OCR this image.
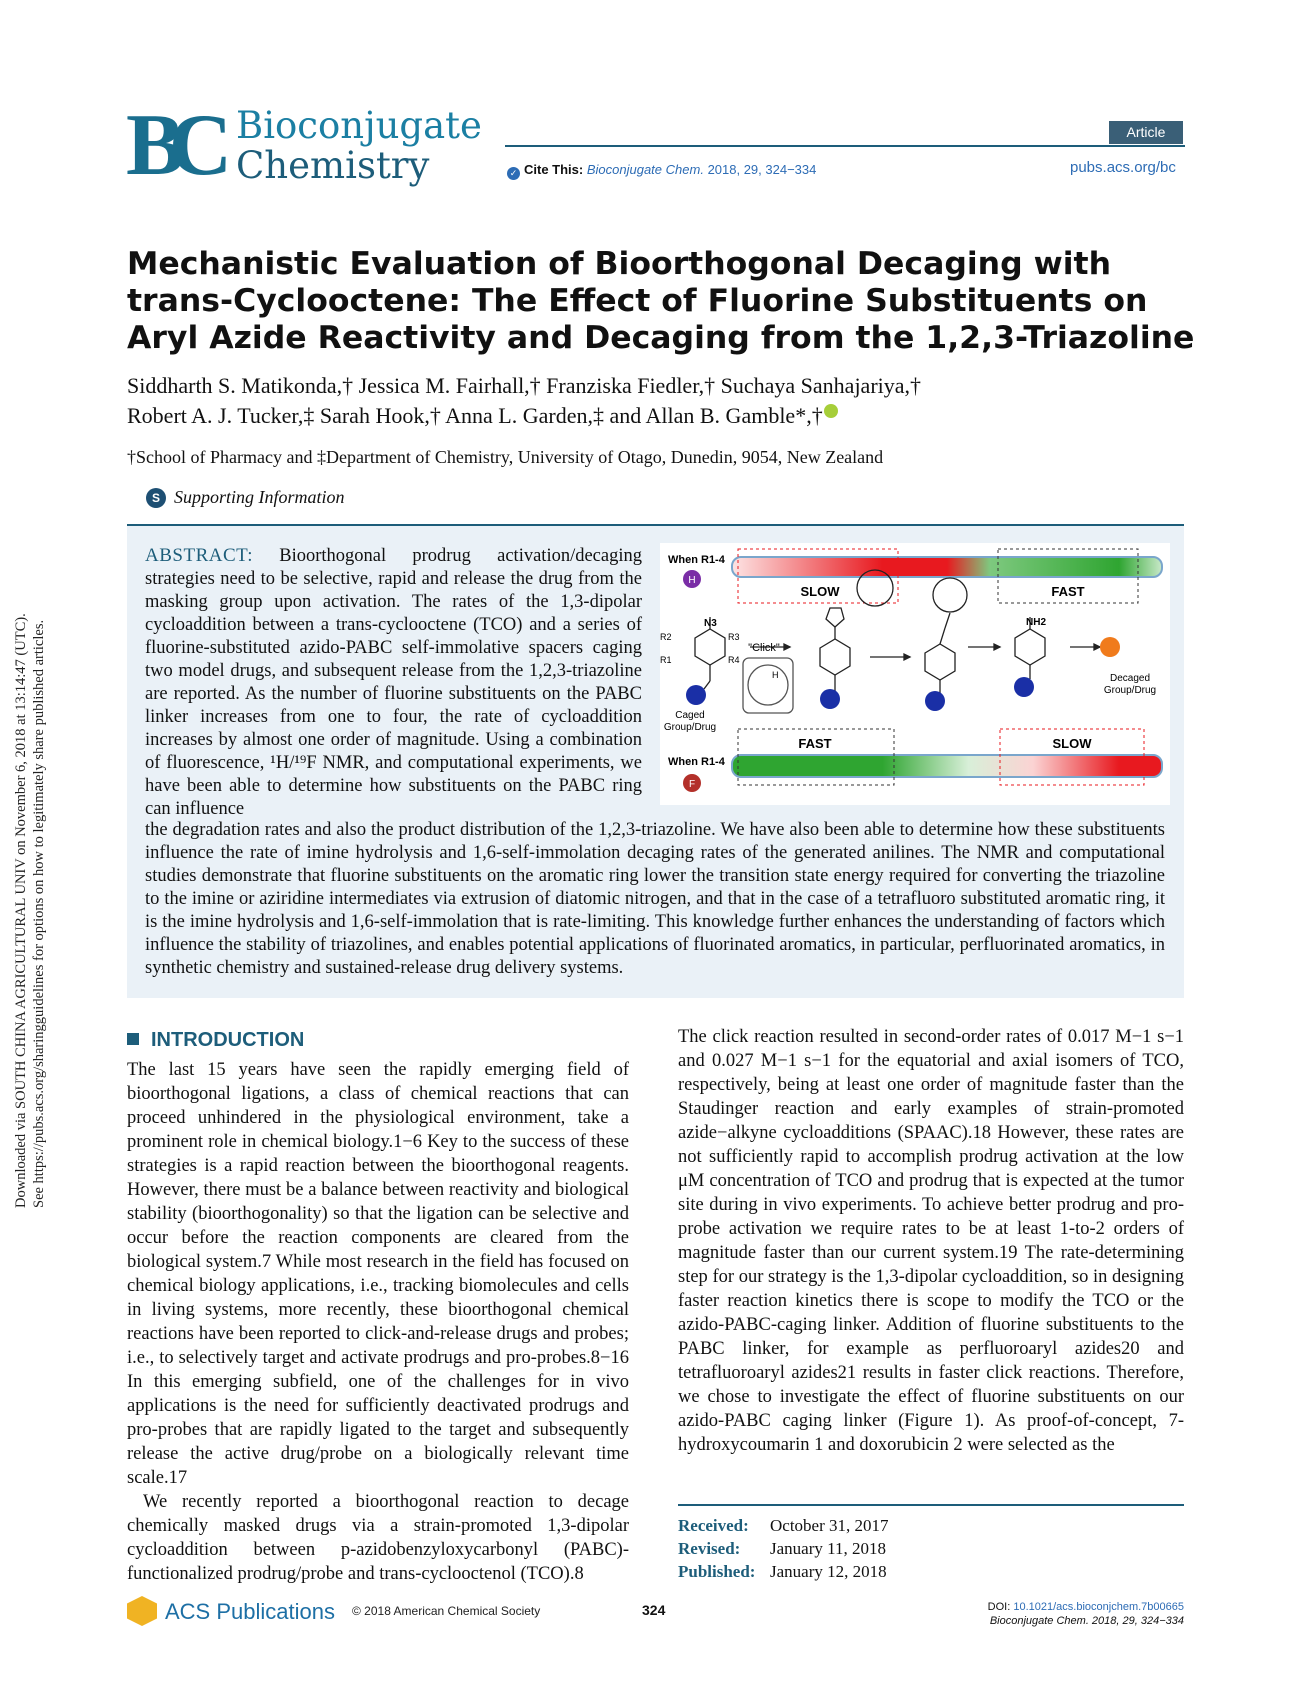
Downloaded via SOUTH CHINA AGRICULTURAL UNIV on November 6, 2018 at 13:14:47 (UTC). See https://pubs.acs.org/sharingguidelines for options on how to legitimately share published articles.
BC Bioconjugate
Chemistry
Article
✓ Cite This: Bioconjugate Chem. 2018, 29, 324−334	pubs.acs.org/bc
Mechanistic Evaluation of Bioorthogonal Decaging with trans-Cyclooctene: The Effect of Fluorine Substituents on Aryl Azide Reactivity and Decaging from the 1,2,3-Triazoline
Siddharth S. Matikonda,† Jessica M. Fairhall,† Franziska Fiedler,† Suchaya Sanhajariya,†
Robert A. J. Tucker,‡ Sarah Hook,† Anna L. Garden,‡ and Allan B. Gamble*,†
†School of Pharmacy and ‡Department of Chemistry, University of Otago, Dunedin, 9054, New Zealand
S Supporting Information
ABSTRACT: Bioorthogonal prodrug activation/decaging strategies need to be selective, rapid and release the drug from the masking group upon activation. The rates of the 1,3-dipolar cycloaddition between a trans-cyclooctene (TCO) and a series of fluorine-substituted azido-PABC self-immolative spacers caging two model drugs, and subsequent release from the 1,2,3-triazoline are reported. As the number of fluorine substituents on the PABC linker increases from one to four, the rate of cycloaddition increases by almost one order of magnitude. Using a combination of fluorescence, ¹H/¹⁹F NMR, and computational experiments, we have been able to determine how substituents on the PABC ring can influence
the degradation rates and also the product distribution of the 1,2,3-triazoline. We have also been able to determine how these substituents influence the rate of imine hydrolysis and 1,6-self-immolation decaging rates of the generated anilines. The NMR and computational studies demonstrate that fluorine substituents on the aromatic ring lower the transition state energy required for converting the triazoline to the imine or aziridine intermediates via extrusion of diatomic nitrogen, and that in the case of a tetrafluoro substituted aromatic ring, it is the imine hydrolysis and 1,6-self-immolation that is rate-limiting. This knowledge further enhances the understanding of factors which influence the stability of triazolines, and enables potential applications of fluorinated aromatics, in particular, perfluorinated aromatics, in synthetic chemistry and sustained-release drug delivery systems.
When R1-4
H
SLOW	FAST
N3	NH2
R2	R3
R1	R4
"Click"
H
Caged Group/Drug
Decaged Group/Drug
FAST	SLOW
When R1-4
F
INTRODUCTION

The last 15 years have seen the rapidly emerging field of bioorthogonal ligations, a class of chemical reactions that can proceed unhindered in the physiological environment, take a prominent role in chemical biology.1−6 Key to the success of these strategies is a rapid reaction between the bioorthogonal reagents. However, there must be a balance between reactivity and biological stability (bioorthogonality) so that the ligation can be selective and occur before the reaction components are cleared from the biological system.7 While most research in the field has focused on chemical biology applications, i.e., tracking biomolecules and cells in living systems, more recently, these bioorthogonal chemical reactions have been reported to click-and-release drugs and probes; i.e., to selectively target and activate prodrugs and pro-probes.8−16 In this emerging subfield, one of the challenges for in vivo applications is the need for sufficiently deactivated prodrugs and pro-probes that are rapidly ligated to the target and subsequently release the active drug/probe on a biologically relevant time scale.17

We recently reported a bioorthogonal reaction to decage chemically masked drugs via a strain-promoted 1,3-dipolar cycloaddition between p-azidobenzyloxycarbonyl (PABC)-functionalized prodrug/probe and trans-cyclooctenol (TCO).8

The click reaction resulted in second-order rates of 0.017 M−1 s−1 and 0.027 M−1 s−1 for the equatorial and axial isomers of TCO, respectively, being at least one order of magnitude faster than the Staudinger reaction and early examples of strain-promoted azide−alkyne cycloadditions (SPAAC).18 However, these rates are not sufficiently rapid to accomplish prodrug activation at the low μM concentration of TCO and prodrug that is expected at the tumor site during in vivo experiments. To achieve better prodrug and pro-probe activation we require rates to be at least 1-to-2 orders of magnitude faster than our current system.19 The rate-determining step for our strategy is the 1,3-dipolar cycloaddition, so in designing faster reaction kinetics there is scope to modify the TCO or the azido-PABC-caging linker. Addition of fluorine substituents to the PABC linker, for example as perfluoroaryl azides20 and tetrafluoroaryl azides21 results in faster click reactions. Therefore, we chose to investigate the effect of fluorine substituents on our azido-PABC caging linker (Figure 1). As proof-of-concept, 7-hydroxycoumarin 1 and doxorubicin 2 were selected as the

Received:	October 31, 2017
Revised:	January 11, 2018
Published: January 12, 2018
ACS Publications © 2018 American Chemical Society	324	DOI: 10.1021/acs.bioconjchem.7b00665
Bioconjugate Chem. 2018, 29, 324−334
